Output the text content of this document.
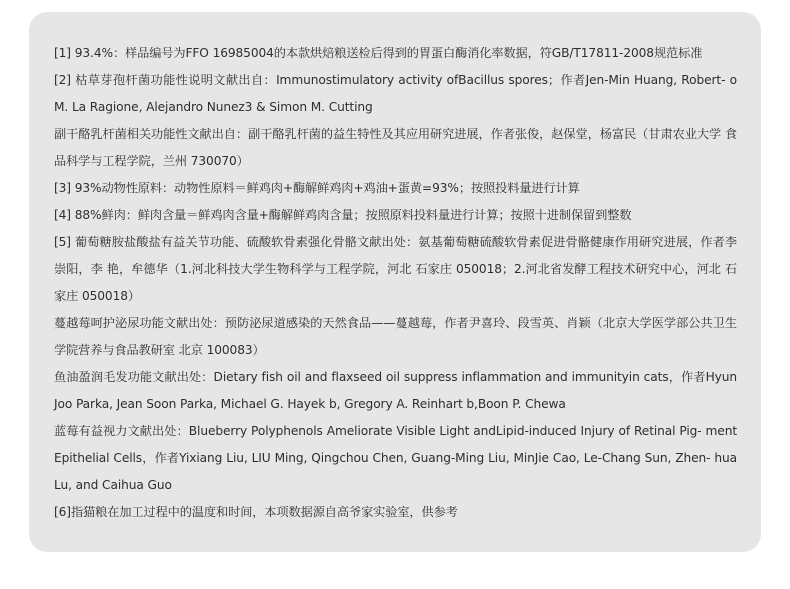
[1] 93.4%：样品编号为FFO 16985004的本款烘焙粮送检后得到的胃蛋白酶消化率数据，符GB/T17811-2008规范标准

[2] 枯草芽孢杆菌功能性说明文献出自：Immunostimulatory activity ofBacillus spores；作者Jen-Min Huang, Robert- o M. La Ragione, Alejandro Nunez3 & Simon M. Cutting

副干酪乳杆菌相关功能性文献出自：副干酪乳杆菌的益生特性及其应用研究进展，作者张俊，赵保堂，杨富民（甘肃农业大学 食品科学与工程学院，兰州 730070）

[3] 93%动物性原料：动物性原料＝鲜鸡肉+酶解鲜鸡肉+鸡油+蛋黄=93%；按照投料量进行计算

[4] 88%鲜肉：鲜肉含量＝鲜鸡肉含量+酶解鲜鸡肉含量；按照原料投料量进行计算；按照十进制保留到整数

[5] 葡萄糖胺盐酸盐有益关节功能、硫酸软骨素强化骨骼文献出处：氨基葡萄糖硫酸软骨素促进骨骼健康作用研究进展，作者李崇阳，李 艳，牟德华（1.河北科技大学生物科学与工程学院，河北 石家庄 050018；2.河北省发酵工程技术研究中心，河北 石家庄 050018）

蔓越莓呵护泌尿功能文献出处：预防泌尿道感染的天然食品——蔓越莓，作者尹喜玲、段雪英、肖颖（北京大学医学部公共卫生学院营养与食品教研室 北京 100083）

鱼油盈润毛发功能文献出处：Dietary fish oil and flaxseed oil suppress inflammation and immunityin cats，作者Hyun Joo Parka, Jean Soon Parka, Michael G. Hayek b, Gregory A. Reinhart b,Boon P. Chewa

蓝莓有益视力文献出处：Blueberry Polyphenols Ameliorate Visible Light andLipid-induced Injury of Retinal Pig- ment Epithelial Cells，作者Yixiang Liu, LIU Ming, Qingchou Chen, Guang-Ming Liu, MinJie Cao, Le-Chang Sun, Zhen- hua Lu, and Caihua Guo

[6]指猫粮在加工过程中的温度和时间，本项数据源自高爷家实验室，供参考
